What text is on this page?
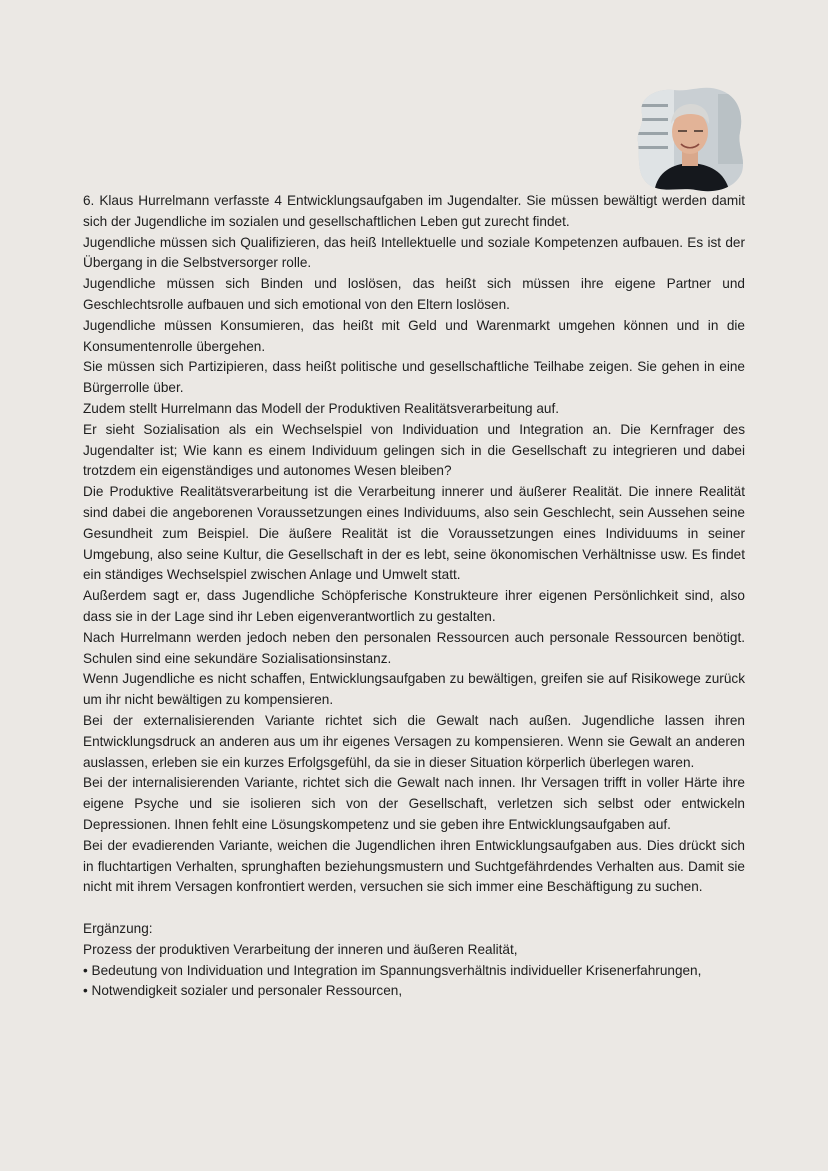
6. Klaus Hurrelmann verfasste 4 Entwicklungsaufgaben im Jugendalter. Sie müssen bewältigt werden damit sich der Jugendliche im sozialen und gesellschaftlichen Leben gut zurecht findet.

Jugendliche müssen sich Qualifizieren, das heiß Intellektuelle und soziale Kompetenzen aufbauen. Es ist der Übergang in die Selbstversorger rolle.

Jugendliche müssen sich Binden und loslösen, das heißt sich müssen ihre eigene Partner und Geschlechtsrolle aufbauen und sich emotional von den Eltern loslösen.

Jugendliche müssen Konsumieren, das heißt mit Geld und Warenmarkt umgehen können und in die Konsumentenrolle übergehen.

Sie müssen sich Partizipieren, dass heißt politische und gesellschaftliche Teilhabe zeigen. Sie gehen in eine Bürgerrolle über.

Zudem stellt Hurrelmann das Modell der Produktiven Realitätsverarbeitung auf.

Er sieht Sozialisation als ein Wechselspiel von Individuation und Integration an. Die Kernfrager des Jugendalter ist; Wie kann es einem Individuum gelingen sich in die Gesellschaft zu integrieren und dabei trotzdem ein eigenständiges und autonomes Wesen bleiben?

Die Produktive Realitätsverarbeitung ist die Verarbeitung innerer und äußerer Realität. Die innere Realität sind dabei die angeborenen Voraussetzungen eines Individuums, also sein Geschlecht, sein Aussehen seine Gesundheit zum Beispiel. Die äußere Realität ist die Voraussetzungen eines Individuums in seiner Umgebung, also seine Kultur, die Gesellschaft in der es lebt, seine ökonomischen Verhältnisse usw. Es findet ein ständiges Wechselspiel zwischen Anlage und Umwelt statt.

Außerdem sagt er, dass Jugendliche Schöpferische Konstrukteure ihrer eigenen Persönlichkeit sind, also dass sie in der Lage sind ihr Leben eigenverantwortlich zu gestalten.

Nach Hurrelmann werden jedoch neben den personalen Ressourcen auch personale Ressourcen benötigt. Schulen sind eine sekundäre Sozialisationsinstanz.

Wenn Jugendliche es nicht schaffen, Entwicklungsaufgaben zu bewältigen, greifen sie auf Risikowege zurück um ihr nicht bewältigen zu kompensieren.

Bei der externalisierenden Variante richtet sich die Gewalt nach außen. Jugendliche lassen ihren Entwicklungsdruck an anderen aus um ihr eigenes Versagen zu kompensieren. Wenn sie Gewalt an anderen auslassen, erleben sie ein kurzes Erfolgsgefühl, da sie in dieser Situation körperlich überlegen waren.

Bei der internalisierenden Variante, richtet sich die Gewalt nach innen. Ihr Versagen trifft in voller Härte ihre eigene Psyche und sie isolieren sich von der Gesellschaft, verletzen sich selbst oder entwickeln Depressionen. Ihnen fehlt eine Lösungskompetenz und sie geben ihre Entwicklungsaufgaben auf.

Bei der evadierenden Variante, weichen die Jugendlichen ihren Entwicklungsaufgaben aus. Dies drückt sich in fluchtartigen Verhalten, sprunghaften beziehungsmustern und Suchtgefährdendes Verhalten aus. Damit sie nicht mit ihrem Versagen konfrontiert werden, versuchen sie sich immer eine Beschäftigung zu suchen.

Ergänzung:

Prozess der produktiven Verarbeitung der inneren und äußeren Realität,

• Bedeutung von Individuation und Integration im Spannungsverhältnis individueller Krisenerfahrungen,

• Notwendigkeit sozialer und personaler Ressourcen,
